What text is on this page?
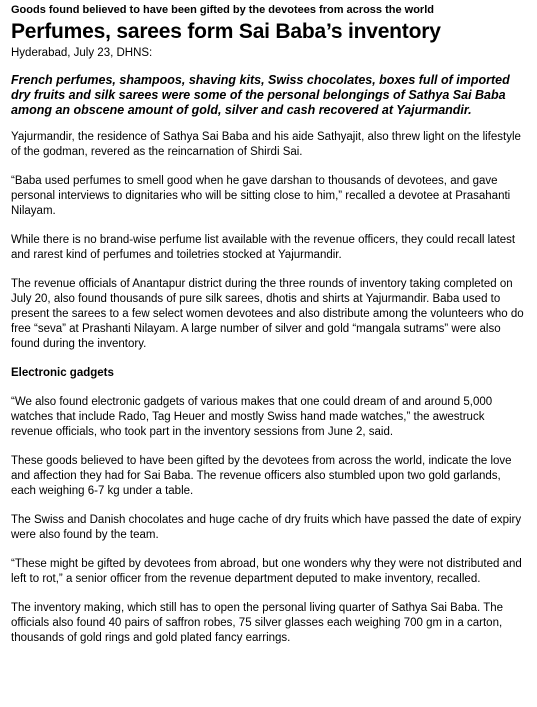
Goods found believed to have been gifted by the devotees from across the world

Perfumes, sarees form Sai Baba’s inventory

Hyderabad, July 23, DHNS:

French perfumes, shampoos, shaving kits, Swiss chocolates, boxes full of imported dry fruits and silk sarees were some of the personal belongings of Sathya Sai Baba among an obscene amount of gold, silver and cash recovered at Yajurmandir.

Yajurmandir, the residence of Sathya Sai Baba and his aide Sathyajit, also threw light on the lifestyle of the godman, revered as the reincarnation of Shirdi Sai.

“Baba used perfumes to smell good when he gave darshan to thousands of devotees, and gave personal interviews to dignitaries who will be sitting close to him,” recalled a devotee at Prasahanti Nilayam.

While there is no brand-wise perfume list available with the revenue officers, they could recall latest and rarest kind of perfumes and toiletries stocked at Yajurmandir.

The revenue officials of Anantapur district during the three rounds of inventory taking completed on July 20, also found thousands of pure silk sarees, dhotis and shirts at Yajurmandir. Baba used to present the sarees to a few select women devotees and also distribute among the volunteers who do free “seva” at Prashanti Nilayam. A large number of silver and gold “mangala sutrams” were also found during the inventory.

Electronic gadgets

“We also found electronic gadgets of various makes that one could dream of and around 5,000 watches that include Rado, Tag Heuer and mostly Swiss hand made watches,” the awestruck revenue officials, who took part in the inventory sessions from June 2, said.

These goods believed to have been gifted by the devotees from across the world, indicate the love and affection they had for Sai Baba. The revenue officers also stumbled upon two gold garlands, each weighing 6-7 kg under a table.

The Swiss and Danish chocolates and huge cache of dry fruits which have passed the date of expiry were also found by the team.

“These might be gifted by devotees from abroad, but one wonders why they were not distributed and left to rot,” a senior officer from the revenue department deputed to make inventory, recalled.

The inventory making, which still has to open the personal living quarter of Sathya Sai Baba. The officials also found 40 pairs of saffron robes, 75 silver glasses each weighing 700 gm in a carton, thousands of gold rings and gold plated fancy earrings.
